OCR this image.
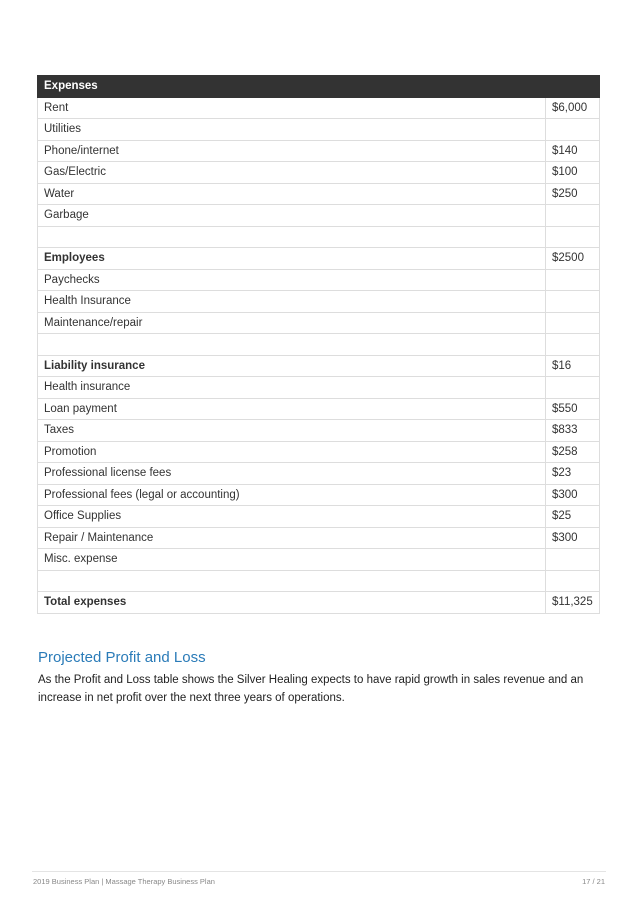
Expenses	
Rent	$6,000
Utilities	
Phone/internet	$140
Gas/Electric	$100
Water	$250
Garbage	

Employees	$2500
Paychecks	
Health Insurance	
Maintenance/repair	

Liability insurance	$16
Health insurance	
Loan payment	$550
Taxes	$833
Promotion	$258
Professional license fees	$23
Professional fees (legal or accounting)	$300
Office Supplies	$25
Repair / Maintenance	$300
Misc. expense	

Total expenses	$11,325
Projected Profit and Loss

As the Profit and Loss table shows the Silver Healing expects to have rapid growth in sales revenue and an increase in net profit over the next three years of operations.

2019 Business Plan | Massage Therapy Business Plan	17 / 21
